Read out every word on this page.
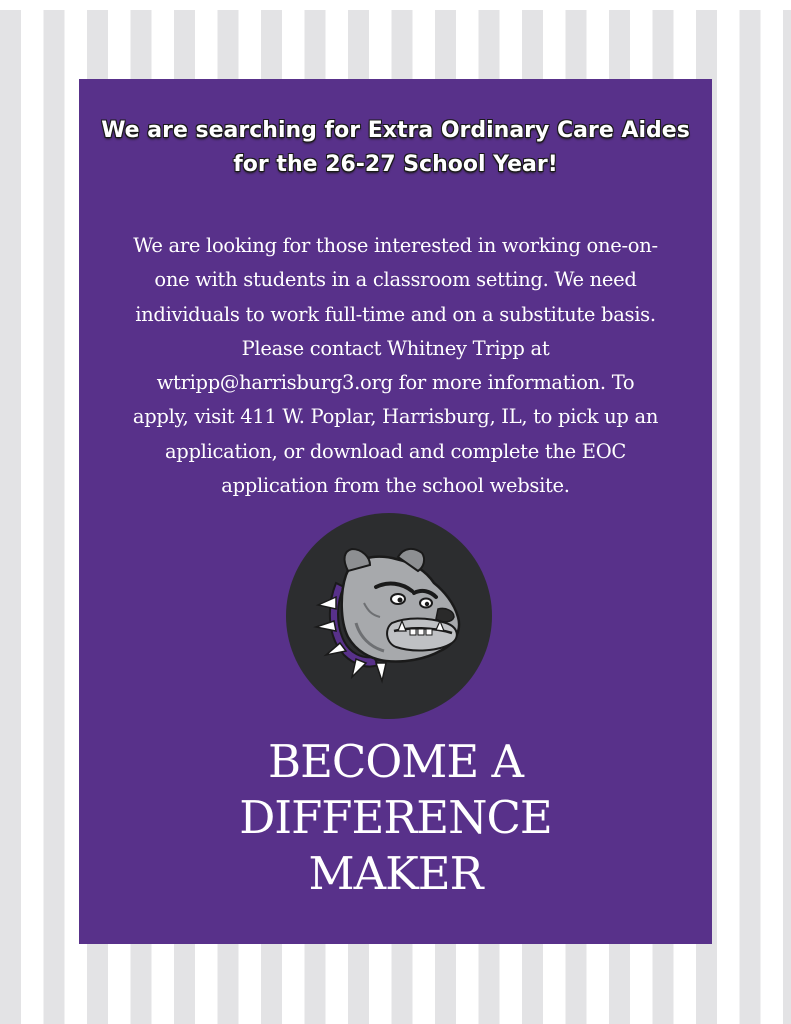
We are searching for Extra Ordinary Care Aides
for the 26-27 School Year!

We are looking for those interested in working one-on-
one with students in a classroom setting. We need
individuals to work full-time and on a substitute basis.
Please contact Whitney Tripp at
wtripp@harrisburg3.org for more information. To
apply, visit 411 W. Poplar, Harrisburg, IL, to pick up an
application, or download and complete the EOC
application from the school website.

BECOME A
DIFFERENCE
MAKER
